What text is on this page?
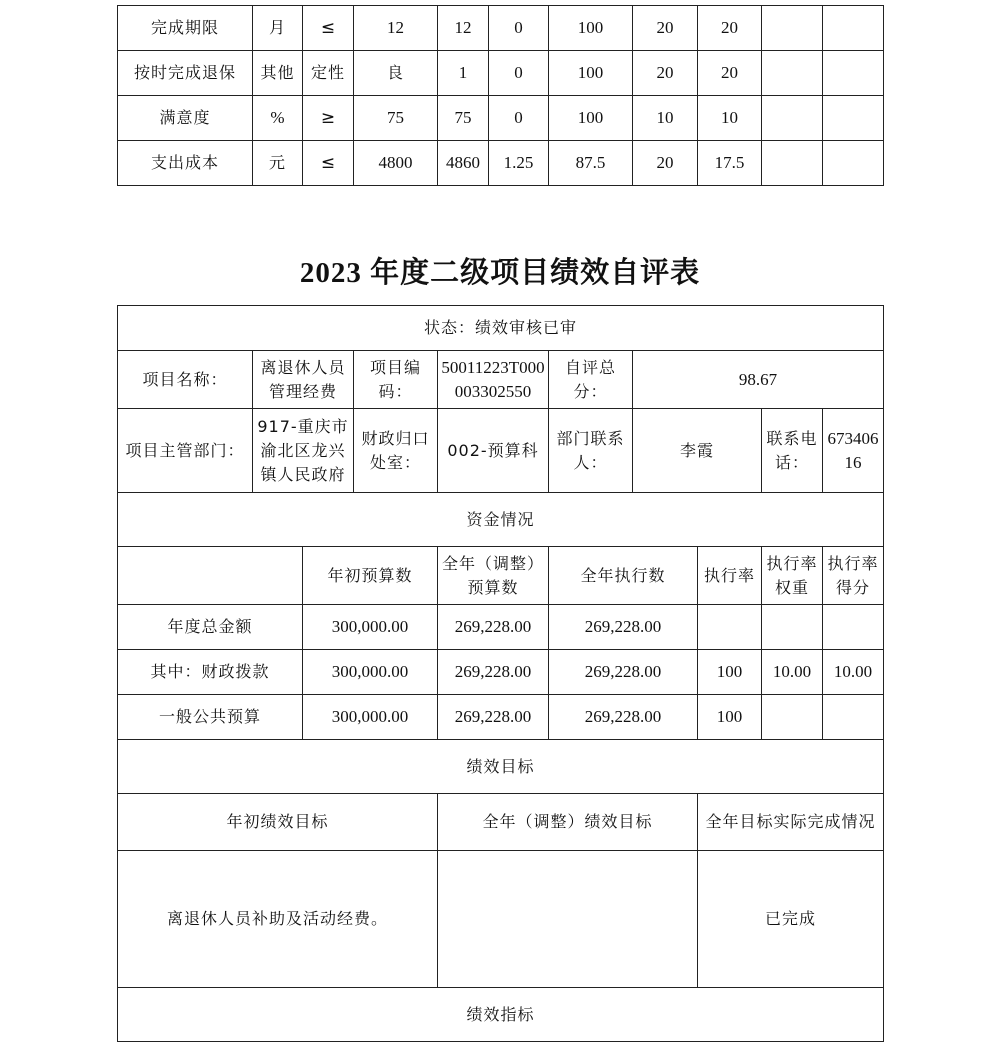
完成期限	月	≤	12	12	0	100	20	20		
按时完成退保	其他	定性	良	1	0	100	20	20		
满意度	%	≥	75	75	0	100	10	10		
支出成本	元	≤	4800	4860	1.25	87.5	20	17.5		
2023 年度二级项目绩效自评表
状态：绩效审核已审									
项目名称：	离退休人员管理经费		项目编码：	50011223T000003302550	自评总分：	98.67			
项目主管部门：	917-重庆市渝北区龙兴镇人民政府		财政归口处室：	002-预算科	部门联系人：	李霞		联系电话：	67340616
资金情况									
		年初预算数		全年（调整）预算数	全年执行数		执行率	执行率权重	执行率得分
年度总金额		300,000.00		269,228.00	269,228.00				
其中：财政拨款		300,000.00		269,228.00	269,228.00		100	10.00	10.00
一般公共预算		300,000.00		269,228.00	269,228.00		100		
绩效目标									
年初绩效目标				全年（调整）绩效目标			全年目标实际完成情况		
离退休人员补助及活动经费。							已完成		
绩效指标									
